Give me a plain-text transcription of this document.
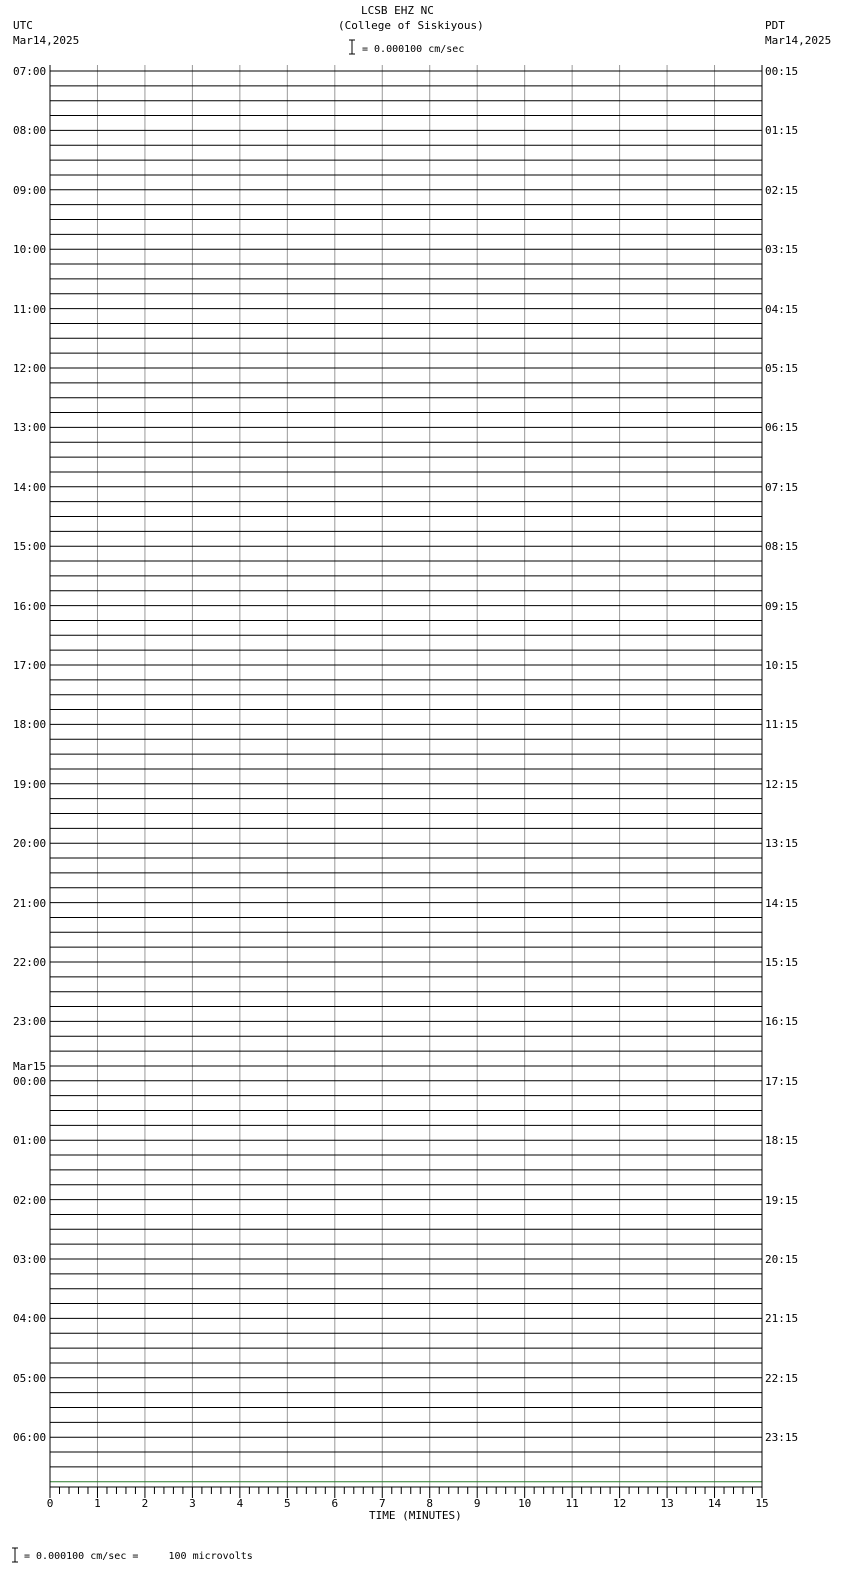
LCSB EHZ NC
(College of Siskiyous)
= 0.000100 cm/sec
UTC
Mar14,2025
PDT
Mar14,2025
07:00
08:00
09:00
10:00
11:00
12:00
13:00
14:00
15:00
16:00
17:00
18:00
19:00
20:00
21:00
22:00
23:00
00:00
Mar15
01:00
02:00
03:00
04:00
05:00
06:00
00:15
01:15
02:15
03:15
04:15
05:15
06:15
07:15
08:15
09:15
10:15
11:15
12:15
13:15
14:15
15:15
16:15
17:15
18:15
19:15
20:15
21:15
22:15
23:15
0	1	2	3	4	5	6	7	8	9	10	11	12	13	14	15
TIME (MINUTES)
= 0.000100 cm/sec =     100 microvolts
